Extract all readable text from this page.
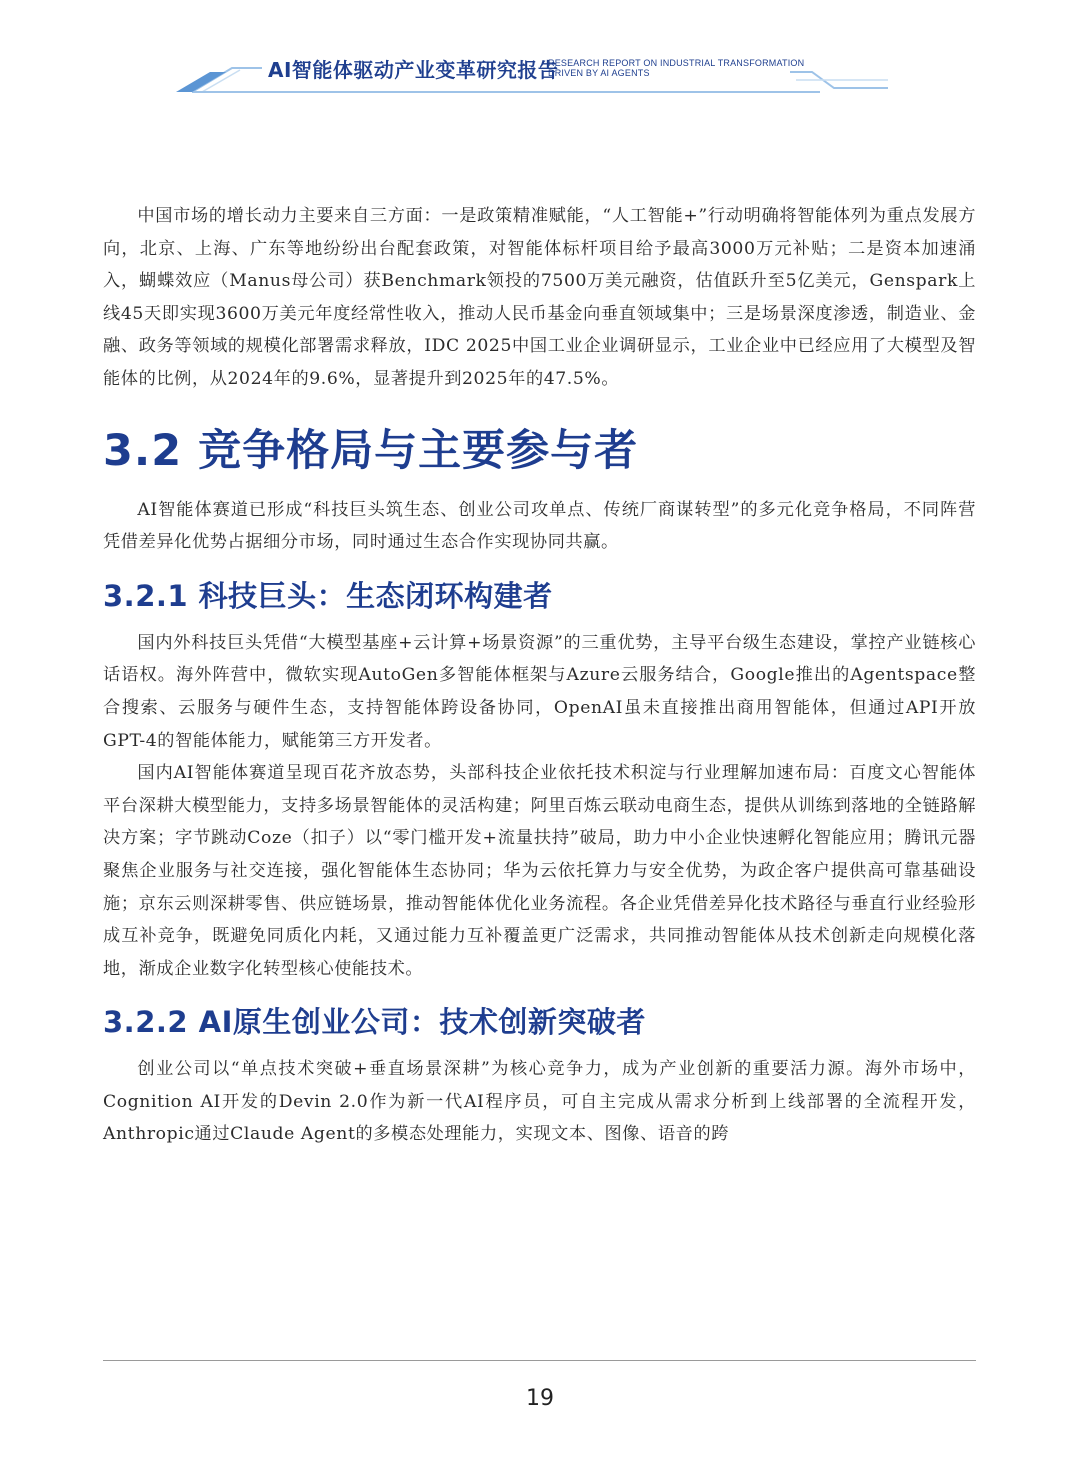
AI智能体驱动产业变革研究报告
RESEARCH REPORT ON INDUSTRIAL TRANSFORMATION
DRIVEN BY AI AGENTS

中国市场的增长动力主要来自三方面：一是政策精准赋能，“人工智能+”行动明确将智能体列为重点发展方向，北京、上海、广东等地纷纷出台配套政策，对智能体标杆项目给予最高3000万元补贴；二是资本加速涌入，蝴蝶效应（Manus母公司）获Benchmark领投的7500万美元融资，估值跃升至5亿美元，Genspark上线45天即实现3600万美元年度经常性收入，推动人民币基金向垂直领域集中；三是场景深度渗透，制造业、金融、政务等领域的规模化部署需求释放，IDC 2025中国工业企业调研显示，工业企业中已经应用了大模型及智能体的比例，从2024年的9.6%，显著提升到2025年的47.5%。

3.2 竞争格局与主要参与者

AI智能体赛道已形成“科技巨头筑生态、创业公司攻单点、传统厂商谋转型”的多元化竞争格局，不同阵营凭借差异化优势占据细分市场，同时通过生态合作实现协同共赢。

3.2.1 科技巨头：生态闭环构建者

国内外科技巨头凭借“大模型基座+云计算+场景资源”的三重优势，主导平台级生态建设，掌控产业链核心话语权。海外阵营中，微软实现AutoGen多智能体框架与Azure云服务结合，Google推出的Agentspace整合搜索、云服务与硬件生态，支持智能体跨设备协同，OpenAI虽未直接推出商用智能体，但通过API开放GPT-4的智能体能力，赋能第三方开发者。

国内AI智能体赛道呈现百花齐放态势，头部科技企业依托技术积淀与行业理解加速布局：百度文心智能体平台深耕大模型能力，支持多场景智能体的灵活构建；阿里百炼云联动电商生态，提供从训练到落地的全链路解决方案；字节跳动Coze（扣子）以“零门槛开发+流量扶持”破局，助力中小企业快速孵化智能应用；腾讯元器聚焦企业服务与社交连接，强化智能体生态协同；华为云依托算力与安全优势，为政企客户提供高可靠基础设施；京东云则深耕零售、供应链场景，推动智能体优化业务流程。各企业凭借差异化技术路径与垂直行业经验形成互补竞争，既避免同质化内耗，又通过能力互补覆盖更广泛需求，共同推动智能体从技术创新走向规模化落地，渐成企业数字化转型核心使能技术。

3.2.2 AI原生创业公司：技术创新突破者

创业公司以“单点技术突破+垂直场景深耕”为核心竞争力，成为产业创新的重要活力源。海外市场中，Cognition AI开发的Devin 2.0作为新一代AI程序员，可自主完成从需求分析到上线部署的全流程开发，Anthropic通过Claude Agent的多模态处理能力，实现文本、图像、语音的跨

19
